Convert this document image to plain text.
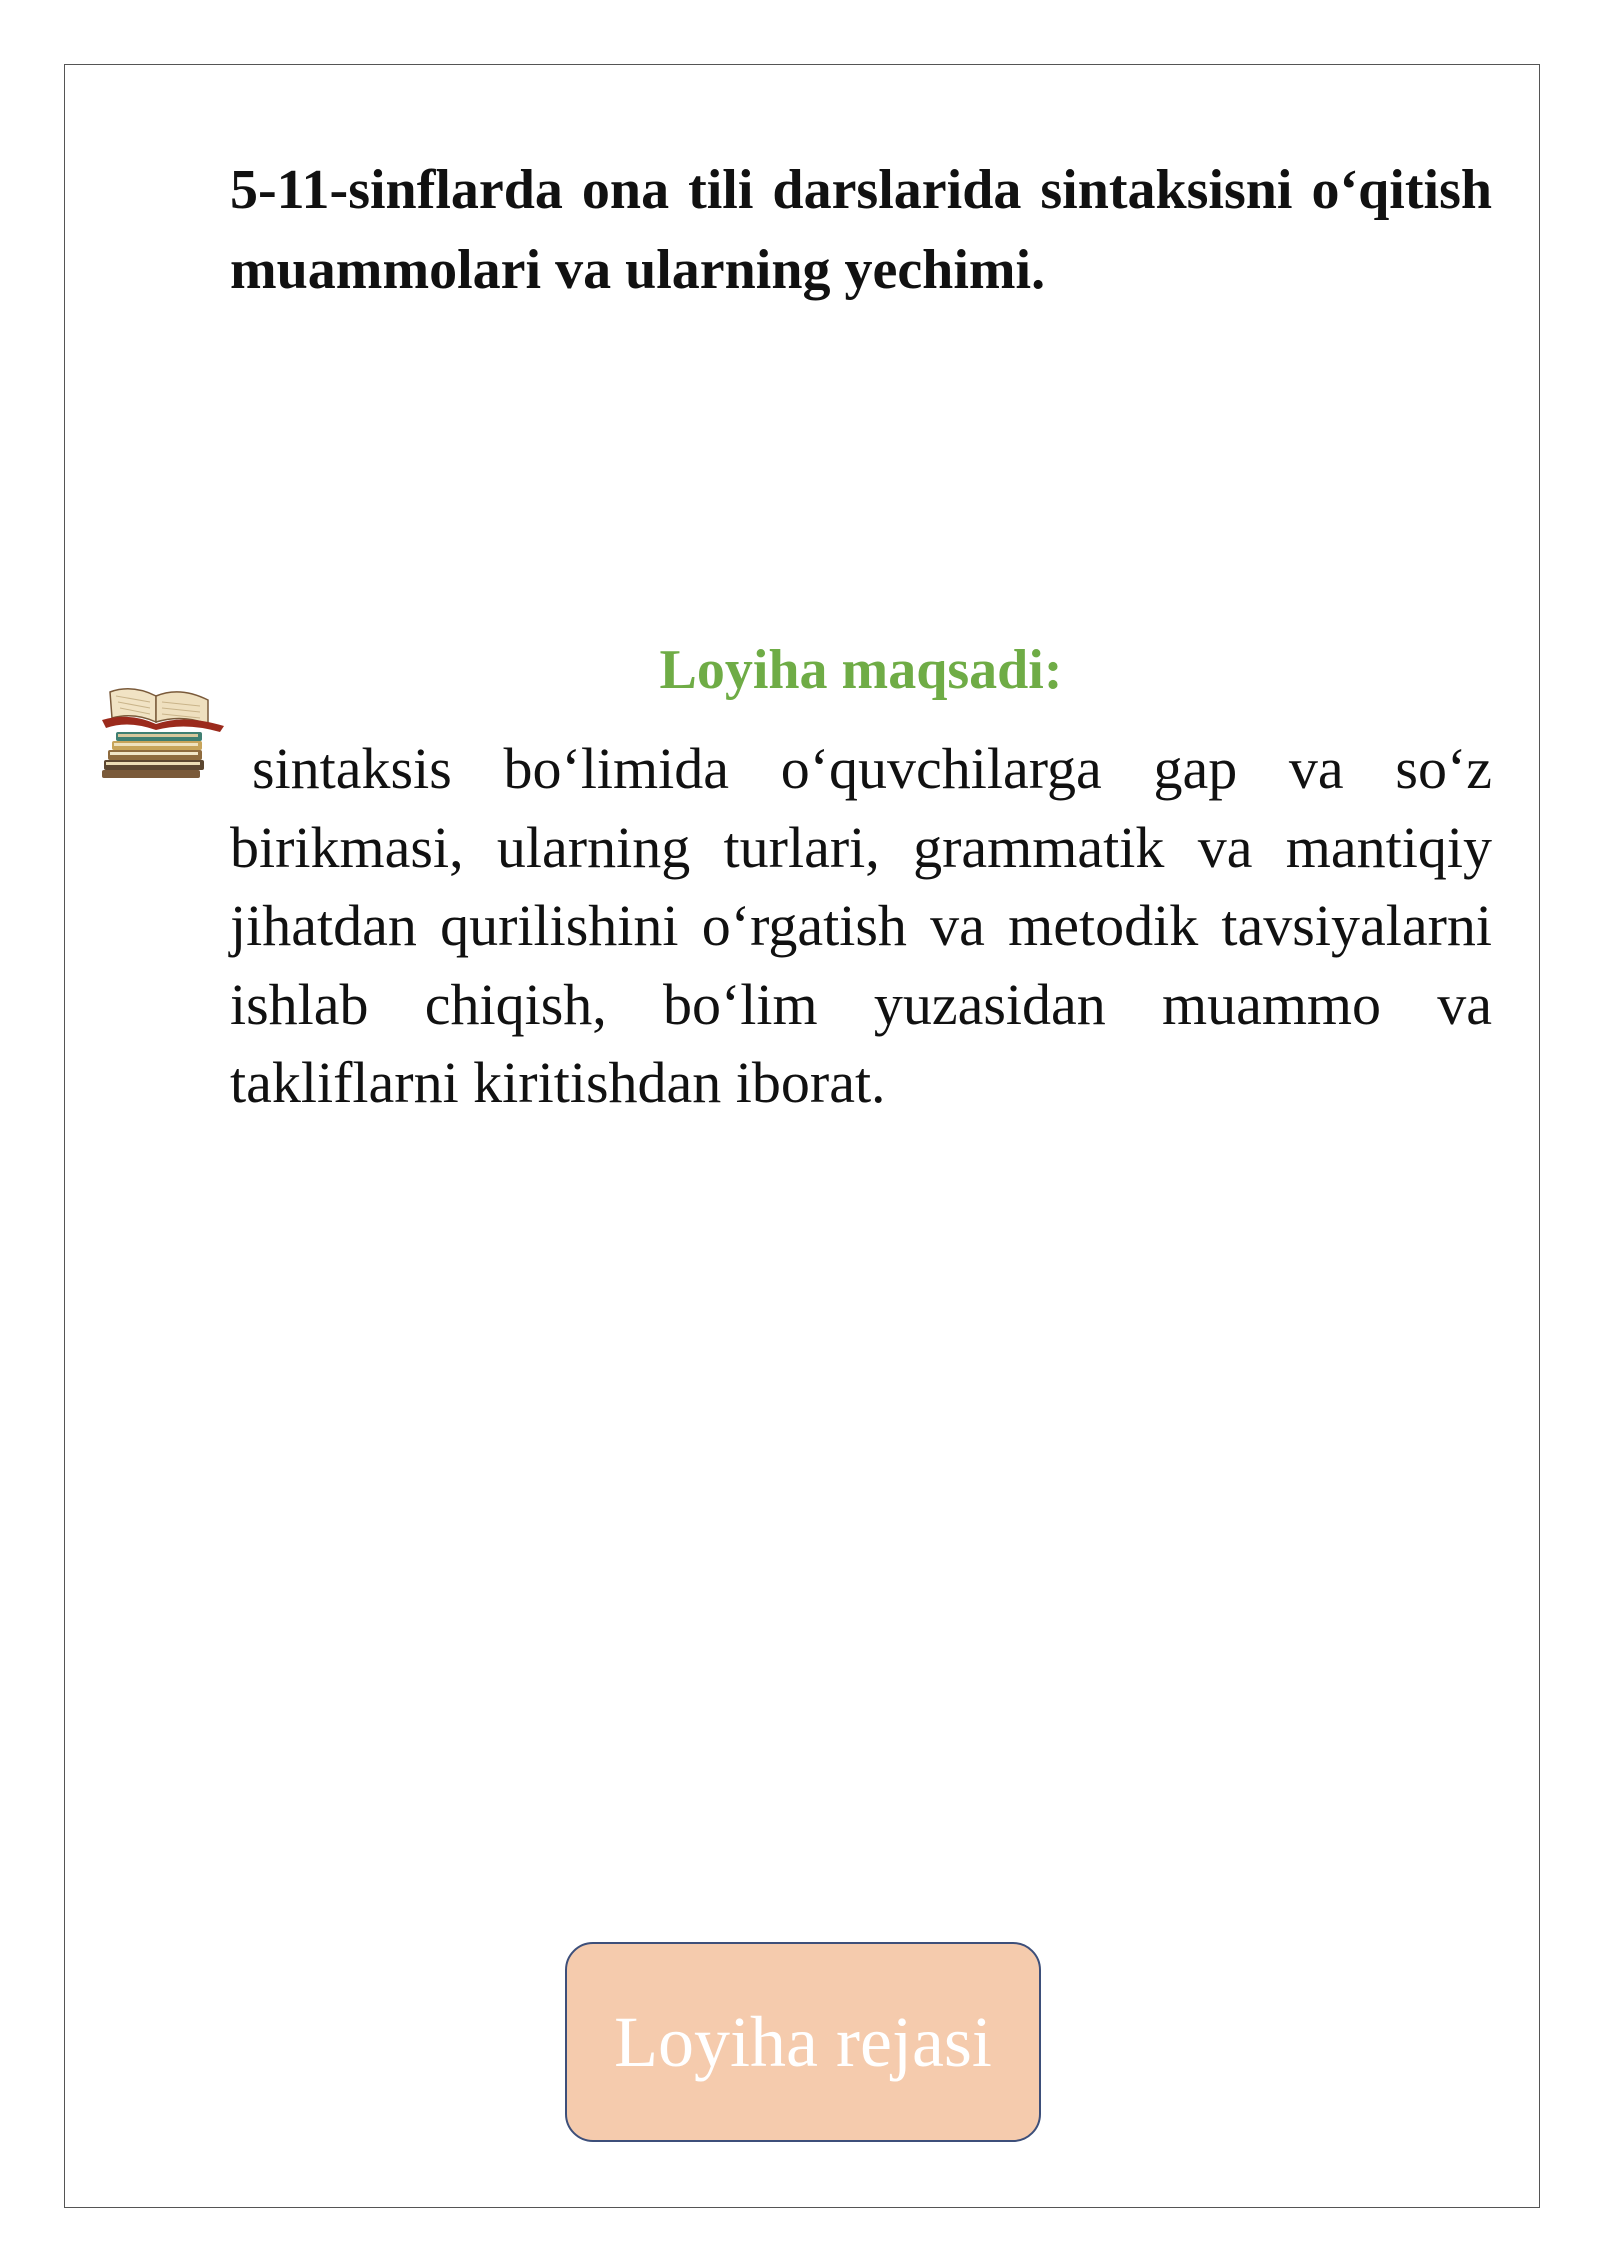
5-11-sinflarda ona tili darslarida sintaksisni o‘qitish muammolari va ularning yechimi.
Loyiha maqsadi:

sintaksis bo‘limida o‘quvchilarga gap va so‘z birikmasi, ularning turlari, grammatik va mantiqiy jihatdan qurilishini o‘rgatish va metodik tavsiyalarni ishlab chiqish, bo‘lim yuzasidan muammo va takliflarni kiritishdan iborat.

Loyiha rejasi
